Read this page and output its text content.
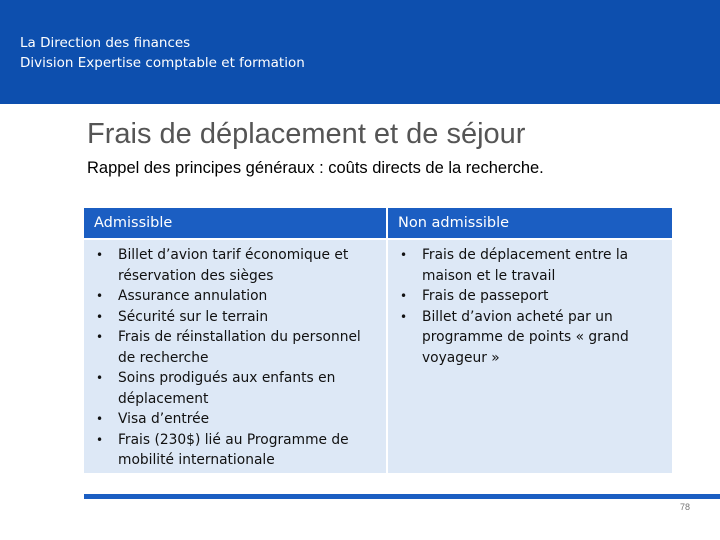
La Direction des finances
Division Expertise comptable et formation
Frais de déplacement et de séjour
Rappel des principes généraux : coûts directs de la recherche.
Admissible	Non admissible
• Billet d’avion tarif économique et réservation des sièges
• Assurance annulation
• Sécurité sur le terrain
• Frais de réinstallation du personnel de recherche
• Soins prodigués aux enfants en déplacement
• Visa d’entrée
• Frais (230$) lié au Programme de mobilité internationale
• Frais de déplacement entre la maison et le travail
• Frais de passeport
• Billet d’avion acheté par un programme de points « grand voyageur »
78
